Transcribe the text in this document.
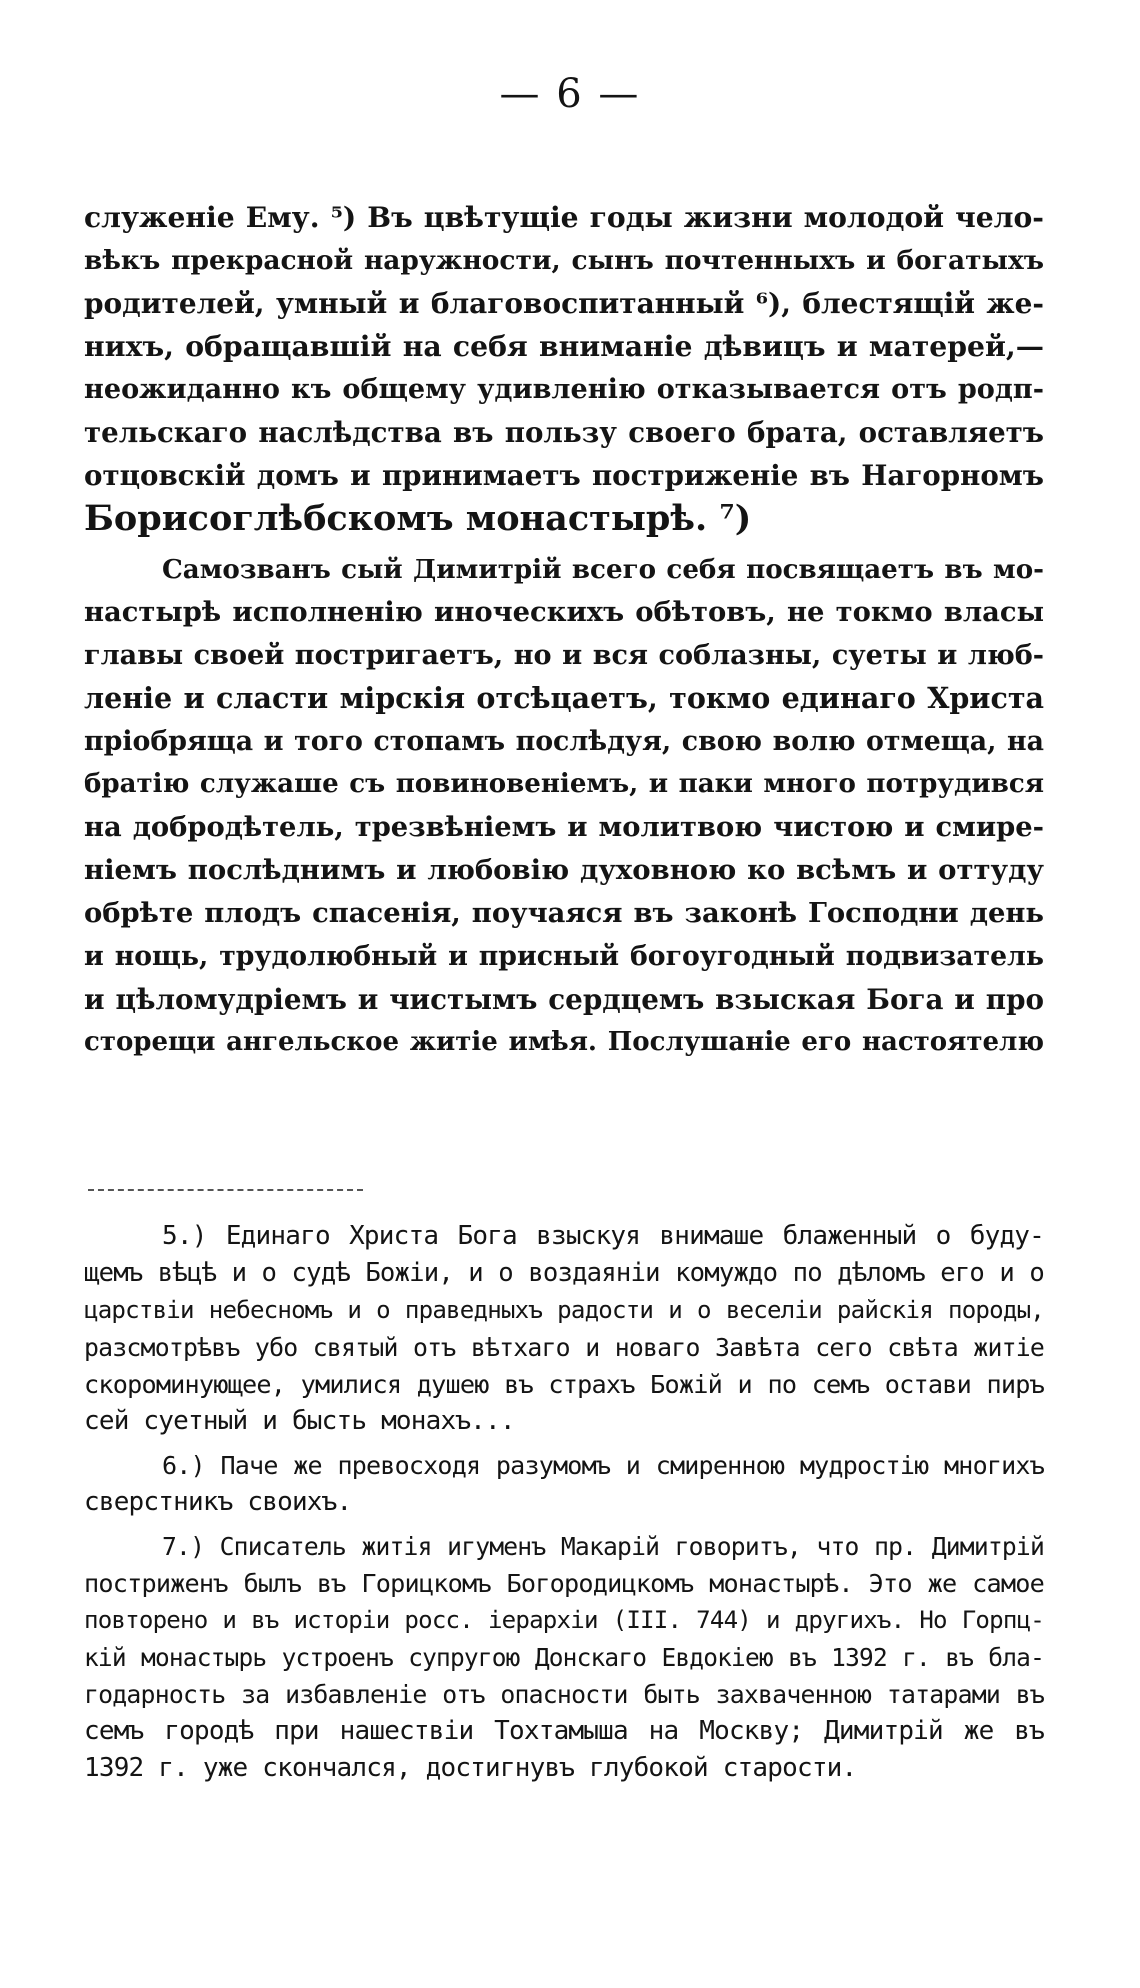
— 6 —

служеніе Ему. ⁵) Въ цвѣтущіе годы жизни молодой чело-
вѣкъ прекрасной наружности, сынъ почтенныхъ и богатыхъ
родителей, умный и благовоспитанный ⁶), блестящій же-
нихъ, обращавшій на себя вниманіе дѣвицъ и матерей,—
неожиданно къ общему удивленію отказывается отъ родп-
тельскаго наслѣдства въ пользу своего брата, оставляетъ
отцовскій домъ и принимаетъ постриженіе въ Нагорномъ
Борисоглѣбскомъ монастырѣ. ⁷)

Самозванъ сый Димитрій всего себя посвящаетъ въ мо-
настырѣ исполненію иноческихъ обѣтовъ, не токмо власы
главы своей постригаетъ, но и вся соблазны, суеты и люб-
леніе и сласти мірскія отсѣцаетъ, токмо единаго Христа
пріобряща и того стопамъ послѣдуя, свою волю отмеща, на
братію служаше съ повиновеніемъ, и паки много потрудився
на добродѣтель, трезвѣніемъ и молитвою чистою и смире-
ніемъ послѣднимъ и любовію духовною ко всѣмъ и оттуду
обрѣте плодъ спасенія, поучаяся въ законѣ Господни день
и нощь, трудолюбный и присный богоугодный подвизатель
и цѣломудріемъ и чистымъ сердцемъ взыская Бога и про
сторещи ангельское житіе имѣя. Послушаніе его настоятелю

5.) Единаго Христа Бога взыскуя внимаше блаженный о буду-
щемъ вѣцѣ и о судѣ Божіи, и о воздаяніи комуждо по дѣломъ его и о
царствіи небесномъ и о праведныхъ радости и о веселіи райскія породы,
разсмотрѣвъ убо святый отъ вѣтхаго и новаго Завѣта сего свѣта житіе
скороминующее, умилися душею въ страхъ Божій и по семъ остави пиръ
сей суетный и бысть монахъ...
6.) Паче же превосходя разумомъ и смиренною мудростію многихъ
сверстникъ своихъ.
7.) Списатель житія игуменъ Макарій говоритъ, что пр. Димитрій
постриженъ былъ въ Горицкомъ Богородицкомъ монастырѣ. Это же самое
повторено и въ исторіи росс. іерархіи (III. 744) и другихъ. Но Горпц-
кій монастырь устроенъ супругою Донскаго Евдокіею въ 1392 г. въ бла-
годарность за избавленіе отъ опасности быть захваченною татарами въ
семъ городѣ при нашествіи Тохтамыша на Москву; Димитрій же въ
1392 г. уже скончался, достигнувъ глубокой старости.
